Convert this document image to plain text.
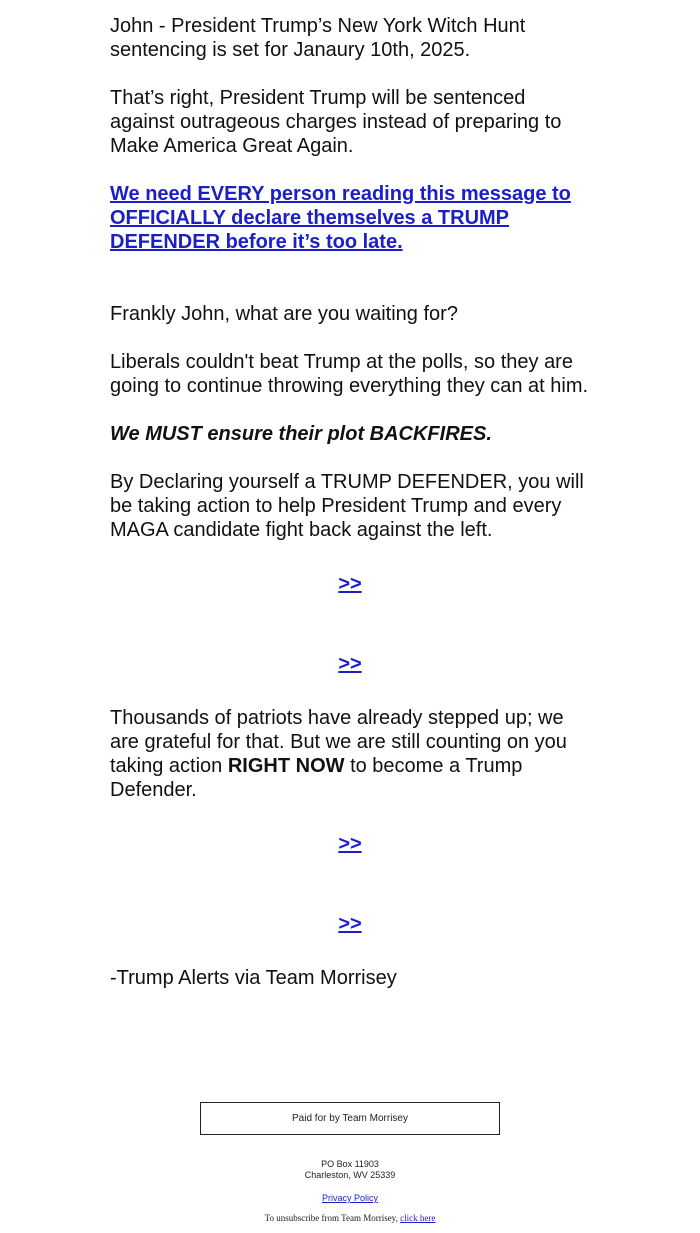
John - President Trump’s New York Witch Hunt sentencing is set for Janaury 10th, 2025.

That’s right, President Trump will be sentenced against outrageous charges instead of preparing to Make America Great Again.

We need EVERY person reading this message to OFFICIALLY declare themselves a TRUMP DEFENDER before it’s too late.

Frankly John, what are you waiting for?

Liberals couldn't beat Trump at the polls, so they are going to continue throwing everything they can at him.

We MUST ensure their plot BACKFIRES.

By Declaring yourself a TRUMP DEFENDER, you will be taking action to help President Trump and every MAGA candidate fight back against the left.

>>
>>

Thousands of patriots have already stepped up; we are grateful for that. But we are still counting on you taking action RIGHT NOW to become a Trump Defender.

>>
>>

-Trump Alerts via Team Morrisey

Paid for by Team Morrisey
PO Box 11903
Charleston, WV 25339
Privacy Policy
To unsubscribe from Team Morrisey, click here
